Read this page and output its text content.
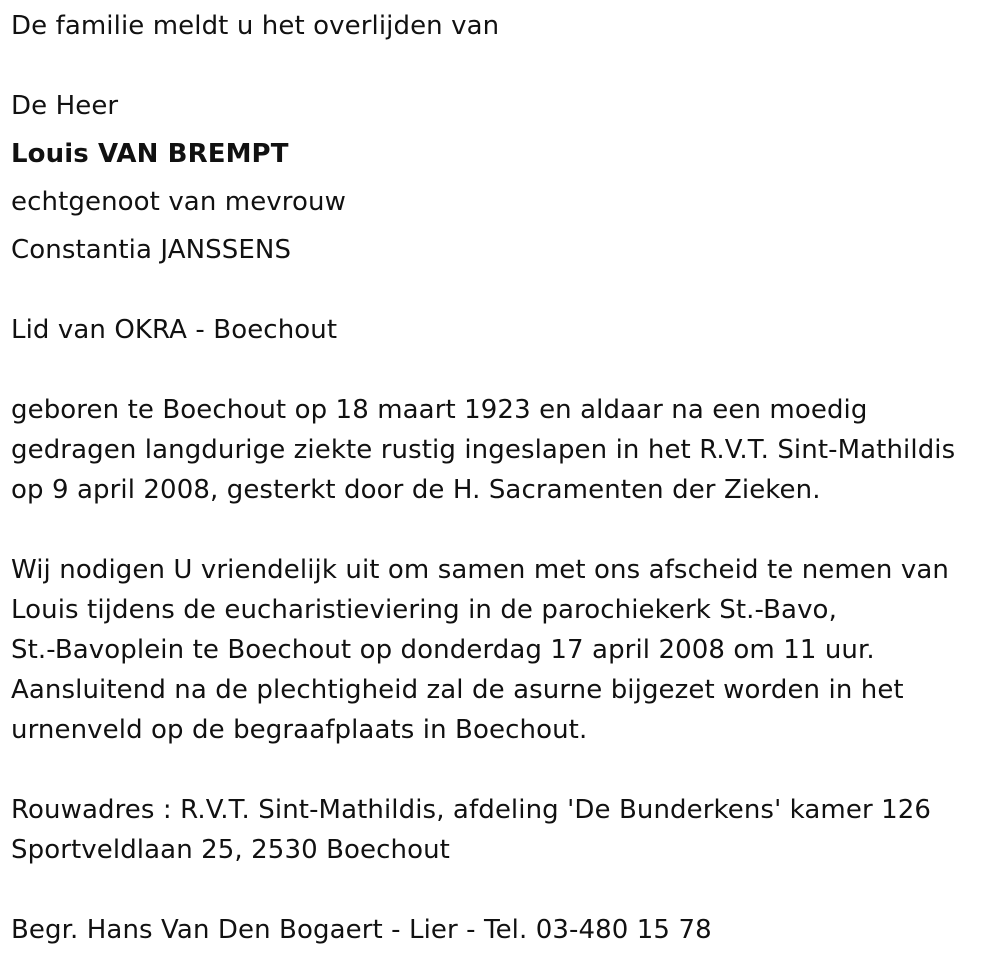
De familie meldt u het overlijden van
De Heer
Louis VAN BREMPT
echtgenoot van mevrouw
Constantia JANSSENS
Lid van OKRA - Boechout
geboren te Boechout op 18 maart 1923 en aldaar na een moedig
gedragen langdurige ziekte rustig ingeslapen in het R.V.T. Sint-Mathildis
op 9 april 2008, gesterkt door de H. Sacramenten der Zieken.
Wij nodigen U vriendelijk uit om samen met ons afscheid te nemen van
Louis tijdens de eucharistieviering in de parochiekerk St.-Bavo,
St.-Bavoplein te Boechout op donderdag 17 april 2008 om 11 uur.
Aansluitend na de plechtigheid zal de asurne bijgezet worden in het
urnenveld op de begraafplaats in Boechout.
Rouwadres : R.V.T. Sint-Mathildis, afdeling 'De Bunderkens' kamer 126
Sportveldlaan 25, 2530 Boechout
Begr. Hans Van Den Bogaert - Lier - Tel. 03-480 15 78
